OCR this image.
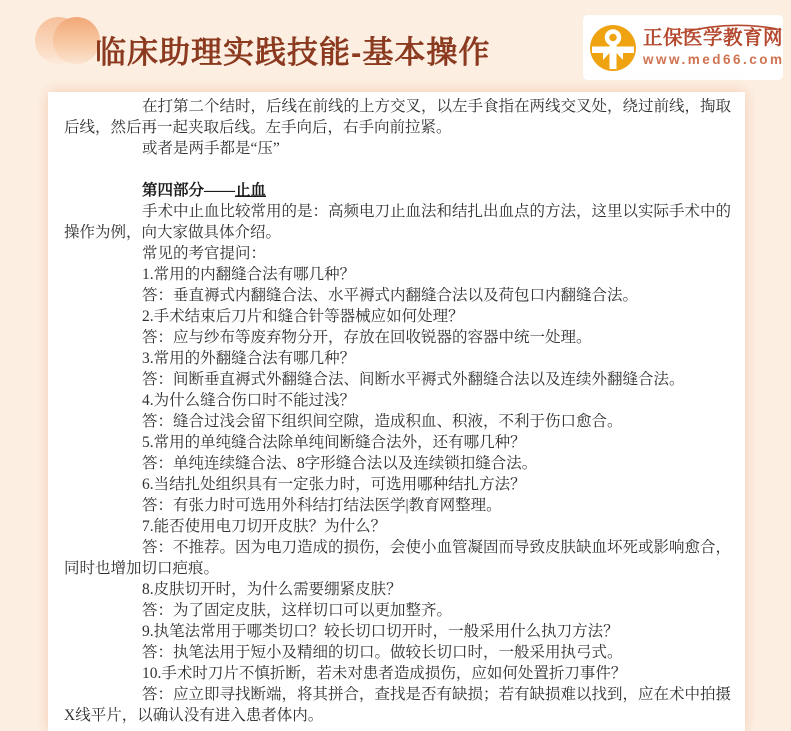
临床助理实践技能-基本操作	正保医学教育网
www.med66.com

在打第二个结时，后线在前线的上方交叉，以左手食指在两线交叉处，绕过前线，掏取后线，然后再一起夹取后线。左手向后，右手向前拉紧。

或者是两手都是“压”

第四部分——止血

手术中止血比较常用的是：高频电刀止血法和结扎出血点的方法，这里以实际手术中的操作为例，向大家做具体介绍。

常见的考官提问：

1.常用的内翻缝合法有哪几种？

答：垂直褥式内翻缝合法、水平褥式内翻缝合法以及荷包口内翻缝合法。

2.手术结束后刀片和缝合针等器械应如何处理？

答：应与纱布等废弃物分开，存放在回收锐器的容器中统一处理。

3.常用的外翻缝合法有哪几种？

答：间断垂直褥式外翻缝合法、间断水平褥式外翻缝合法以及连续外翻缝合法。

4.为什么缝合伤口时不能过浅？

答：缝合过浅会留下组织间空隙，造成积血、积液，不利于伤口愈合。

5.常用的单纯缝合法除单纯间断缝合法外，还有哪几种？

答：单纯连续缝合法、8字形缝合法以及连续锁扣缝合法。

6.当结扎处组织具有一定张力时，可选用哪种结扎方法？

答：有张力时可选用外科结打结法医学|教育网整理。

7.能否使用电刀切开皮肤？为什么？

答：不推荐。因为电刀造成的损伤，会使小血管凝固而导致皮肤缺血坏死或影响愈合，同时也增加切口疤痕。

8.皮肤切开时，为什么需要绷紧皮肤？

答：为了固定皮肤，这样切口可以更加整齐。

9.执笔法常用于哪类切口？较长切口切开时，一般采用什么执刀方法？

答：执笔法用于短小及精细的切口。做较长切口时，一般采用执弓式。

10.手术时刀片不慎折断，若未对患者造成损伤，应如何处置折刀事件？

答：应立即寻找断端，将其拼合，查找是否有缺损；若有缺损难以找到，应在术中拍摄X线平片，以确认没有进入患者体内。
